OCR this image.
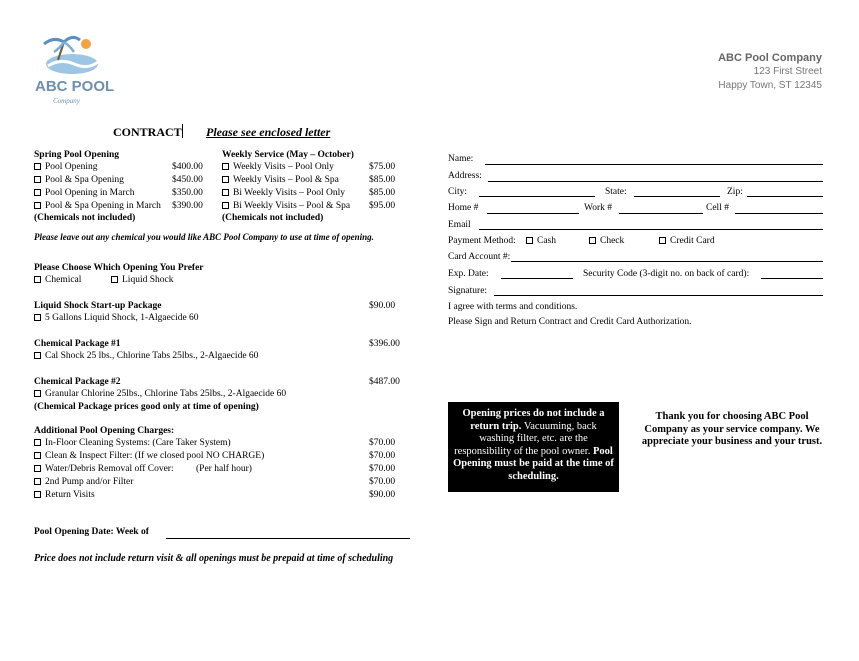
ABC POOL
Company
ABC Pool Company
123 First Street
Happy Town, ST 12345
CONTRACT Please see enclosed letter
Spring Pool Opening
Pool Opening	$400.00
Pool & Spa Opening	$450.00
Pool Opening in March	$350.00
Pool & Spa Opening in March $390.00
(Chemicals not included)
Weekly Service (May – October)
Weekly Visits – Pool Only	$75.00
Weekly Visits – Pool & Spa	$85.00
Bi Weekly Visits – Pool Only	$85.00
Bi Weekly Visits – Pool & Spa $95.00
(Chemicals not included)
Please leave out any chemical you would like ABC Pool Company to use at time of opening.
Please Choose Which Opening You Prefer
Chemical	Liquid Shock
Liquid Shock Start-up Package	$90.00
5 Gallons Liquid Shock, 1-Algaecide 60
Chemical Package #1	$396.00
Cal Shock 25 lbs., Chlorine Tabs 25lbs., 2-Algaecide 60
Chemical Package #2	$487.00
Granular Chlorine 25lbs., Chlorine Tabs 25lbs., 2-Algaecide 60
(Chemical Package prices good only at time of opening)
Additional Pool Opening Charges:
In-Floor Cleaning Systems: (Care Taker System)	$70.00
Clean & Inspect Filter: (If we closed pool NO CHARGE)	$70.00
Water/Debris Removal off Cover: (Per half hour)	$70.00
2nd Pump and/or Filter	$70.00
Return Visits	$90.00
Pool Opening Date: Week of
Price does not include return visit & all openings must be prepaid at time of scheduling
Name:
Address:
City:	State:	Zip:
Home #	Work #	Cell #
Email
Payment Method:	Cash	Check	Credit Card
Card Account #:
Exp. Date:	Security Code (3-digit no. on back of card):
Signature:
I agree with terms and conditions.
Please Sign and Return Contract and Credit Card Authorization.
Opening prices do not include a return trip. Vacuuming, back washing filter, etc. are the responsibility of the pool owner. Pool Opening must be paid at the time of scheduling.
Thank you for choosing ABC Pool Company as your service company. We appreciate your business and your trust.
